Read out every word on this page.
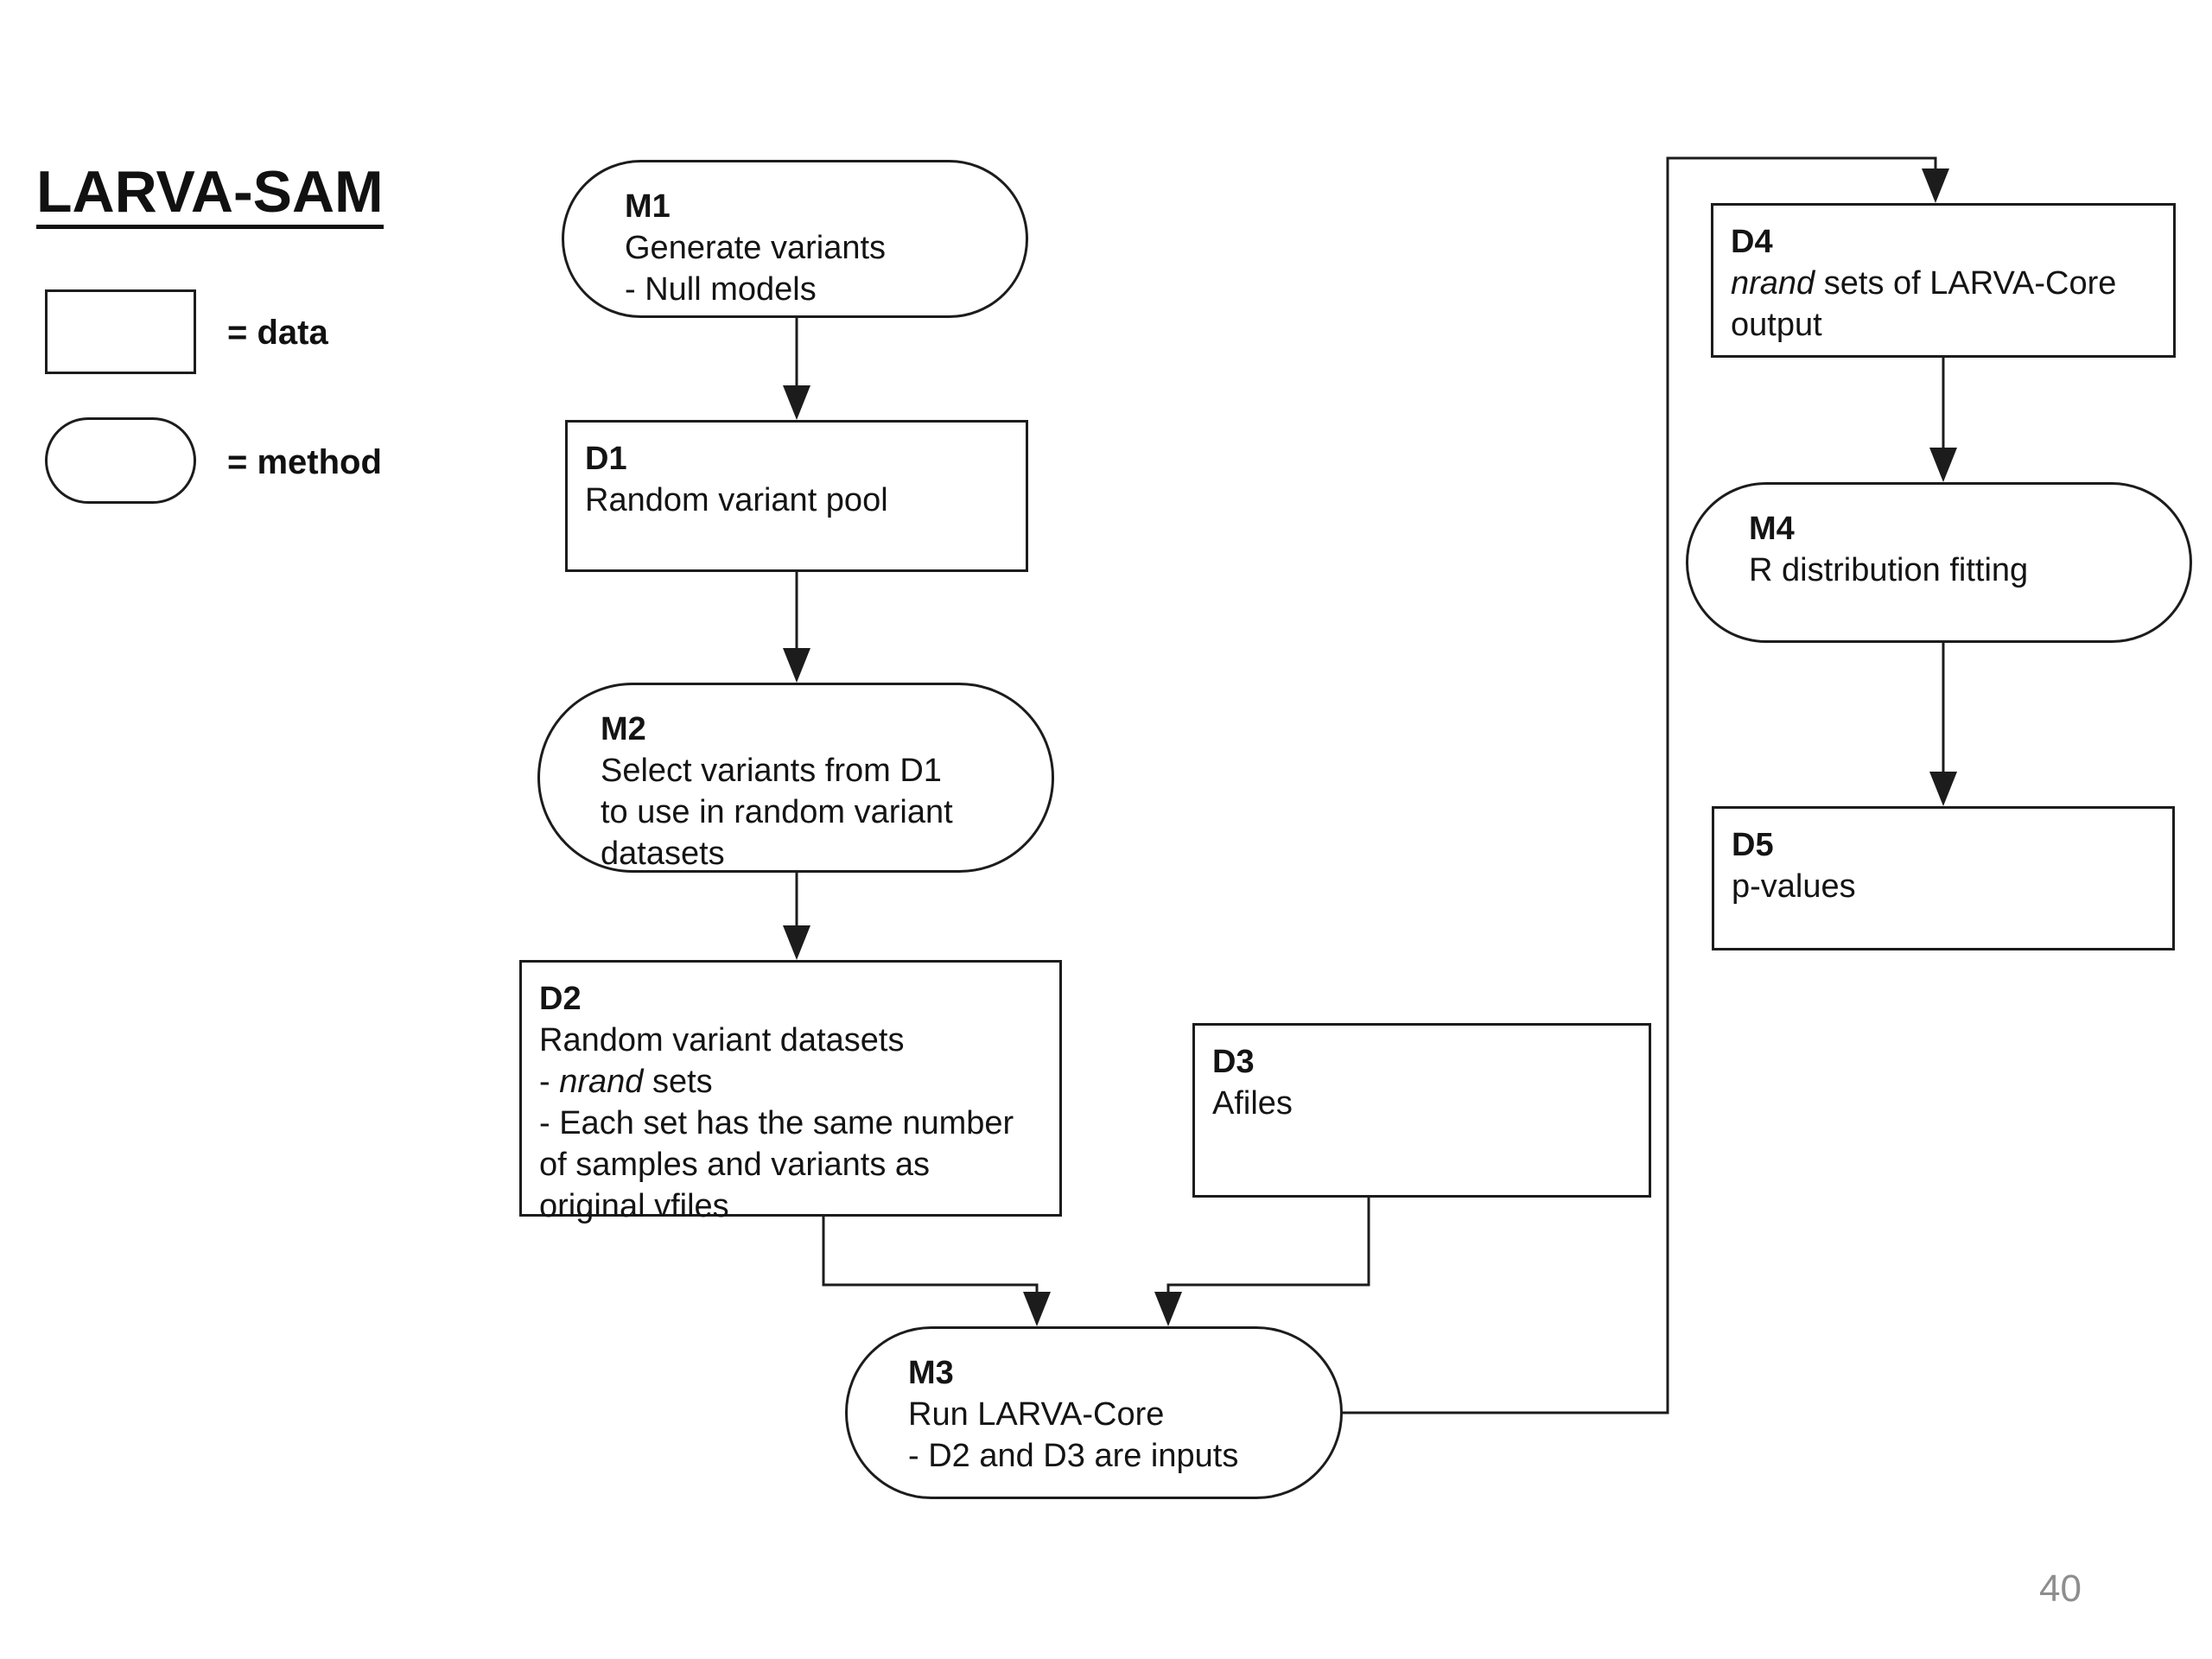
LARVA-SAM
= data
= method
M1
Generate variants
- Null models
D1
Random variant pool
M2
Select variants from D1
to use in random variant
datasets
D2
Random variant datasets
- nrand sets
- Each set has the same number
of samples and variants as
original vfiles
D3
Afiles
M3
Run LARVA-Core
- D2 and D3 are inputs
D4
nrand sets of LARVA-Core
output
M4
R distribution fitting
D5
p-values
40
